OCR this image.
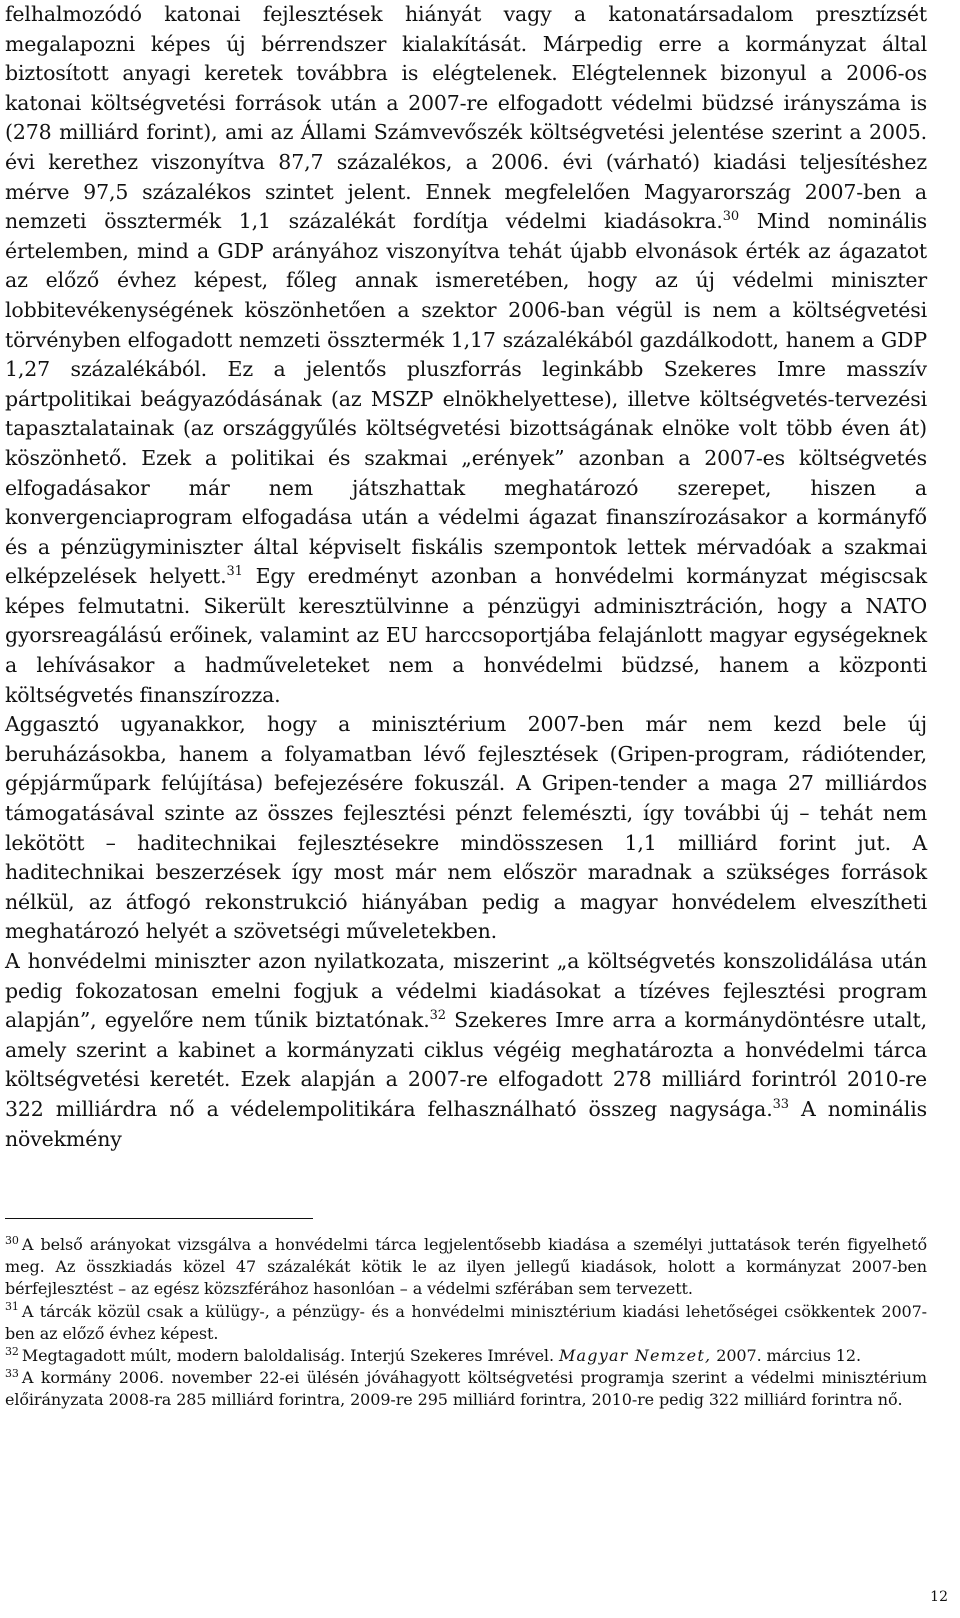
felhalmozódó katonai fejlesztések hiányát vagy a katonatársadalom presztízsét megalapozni képes új bérrendszer kialakítását. Márpedig erre a kormányzat által biztosított anyagi keretek továbbra is elégtelenek. Elégtelennek bizonyul a 2006-os katonai költségvetési források után a 2007-re elfogadott védelmi büdzsé irányszáma is (278 milliárd forint), ami az Állami Számvevőszék költségvetési jelentése szerint a 2005. évi kerethez viszonyítva 87,7 százalékos, a 2006. évi (várható) kiadási teljesítéshez mérve 97,5 százalékos szintet jelent. Ennek megfelelően Magyarország 2007-ben a nemzeti össztermék 1,1 százalékát fordítja védelmi kiadásokra.$^{30}$ Mind nominális értelemben, mind a GDP arányához viszonyítva tehát újabb elvonások érték az ágazatot az előző évhez képest, főleg annak ismeretében, hogy az új védelmi miniszter lobbitevékenységének köszönhetően a szektor 2006-ban végül is nem a költségvetési törvényben elfogadott nemzeti össztermék 1,17 százalékából gazdálkodott, hanem a GDP 1,27 százalékából. Ez a jelentős pluszforrás leginkább Szekeres Imre masszív pártpolitikai beágyazódásának (az MSZP elnökhelyettese), illetve költségvetés-tervezési tapasztalatainak (az országgyűlés költségvetési bizottságának elnöke volt több éven át) köszönhető. Ezek a politikai és szakmai „erények” azonban a 2007-es költségvetés elfogadásakor már nem játszhattak meghatározó szerepet, hiszen a konvergenciaprogram elfogadása után a védelmi ágazat finanszírozásakor a kormányfő és a pénzügyminiszter által képviselt fiskális szempontok lettek mérvadóak a szakmai elképzelések helyett.$^{31}$ Egy eredményt azonban a honvédelmi kormányzat mégiscsak képes felmutatni. Sikerült keresztülvinne a pénzügyi adminisztráción, hogy a NATO gyorsreagálású erőinek, valamint az EU harccsoportjába felajánlott magyar egységeknek a lehívásakor a hadműveleteket nem a honvédelmi büdzsé, hanem a központi költségvetés finanszírozza.

Aggasztó ugyanakkor, hogy a minisztérium 2007-ben már nem kezd bele új beruházásokba, hanem a folyamatban lévő fejlesztések (Gripen-program, rádiótender, gépjárműpark felújítása) befejezésére fokuszál. A Gripen-tender a maga 27 milliárdos támogatásával szinte az összes fejlesztési pénzt felemészti, így további új – tehát nem lekötött – haditechnikai fejlesztésekre mindösszesen 1,1 milliárd forint jut. A haditechnikai beszerzések így most már nem először maradnak a szükséges források nélkül, az átfogó rekonstrukció hiányában pedig a magyar honvédelem elveszítheti meghatározó helyét a szövetségi műveletekben.

A honvédelmi miniszter azon nyilatkozata, miszerint „a költségvetés konszolidálása után pedig fokozatosan emelni fogjuk a védelmi kiadásokat a tízéves fejlesztési program alapján”, egyelőre nem tűnik biztatónak.$^{32}$ Szekeres Imre arra a kormánydöntésre utalt, amely szerint a kabinet a kormányzati ciklus végéig meghatározta a honvédelmi tárca költségvetési keretét. Ezek alapján a 2007-re elfogadott 278 milliárd forintról 2010-re 322 milliárdra nő a védelempolitikára felhasználható összeg nagysága.$^{33}$ A nominális növekmény

$^{30}$ A belső arányokat vizsgálva a honvédelmi tárca legjelentősebb kiadása a személyi juttatások terén figyelhető meg. Az összkiadás közel 47 százalékát kötik le az ilyen jellegű kiadások, holott a kormányzat 2007-ben bérfejlesztést – az egész közszférához hasonlóan – a védelmi szférában sem tervezett.

$^{31}$ A tárcák közül csak a külügy-, a pénzügy- és a honvédelmi minisztérium kiadási lehetőségei csökkentek 2007-ben az előző évhez képest.

$^{32}$ Megtagadott múlt, modern baloldaliság. Interjú Szekeres Imrével. Magyar Nemzet, 2007. március 12.

$^{33}$ A kormány 2006. november 22-ei ülésén jóváhagyott költségvetési programja szerint a védelmi minisztérium előirányzata 2008-ra 285 milliárd forintra, 2009-re 295 milliárd forintra, 2010-re pedig 322 milliárd forintra nő.

12
